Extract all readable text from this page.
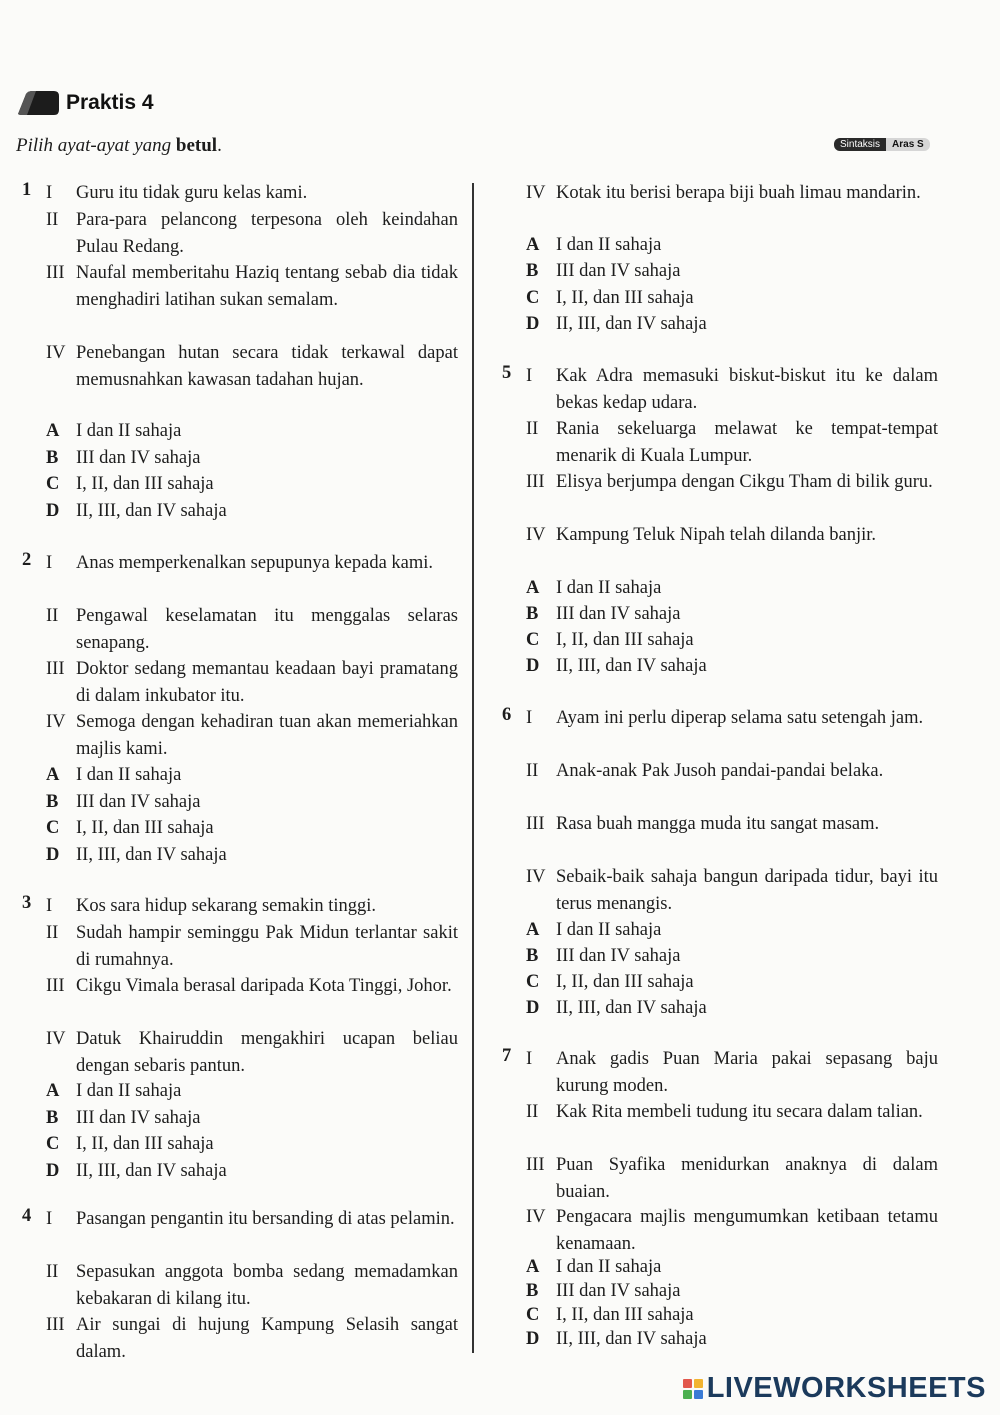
Praktis 4
Pilih ayat-ayat yang betul.	Sintaksis	Aras S
1 I	Guru itu tidak guru kelas kami.
II Para-para pelancong terpesona oleh keindahan Pulau Redang.
III Naufal memberitahu Haziq tentang sebab dia tidak menghadiri latihan sukan semalam.
IV Penebangan hutan secara tidak terkawal dapat memusnahkan kawasan tadahan hujan.
A I dan II sahaja
B III dan IV sahaja
C I, II, dan III sahaja
D II, III, dan IV sahaja
2 I	Anas memperkenalkan sepupunya kepada kami.
II Pengawal keselamatan itu menggalas selaras senapang.
III Doktor sedang memantau keadaan bayi pramatang di dalam inkubator itu.
IV Semoga dengan kehadiran tuan akan memeriahkan majlis kami.
A I dan II sahaja
B III dan IV sahaja
C I, II, dan III sahaja
D II, III, dan IV sahaja
3 I	Kos sara hidup sekarang semakin tinggi.
II Sudah hampir seminggu Pak Midun terlantar sakit di rumahnya.
III Cikgu Vimala berasal daripada Kota Tinggi, Johor.
IV Datuk Khairuddin mengakhiri ucapan beliau dengan sebaris pantun.
A I dan II sahaja
B III dan IV sahaja
C I, II, dan III sahaja
D II, III, dan IV sahaja
4 I	Pasangan pengantin itu bersanding di atas pelamin.
II Sepasukan anggota bomba sedang memadamkan kebakaran di kilang itu.
III Air sungai di hujung Kampung Selasih sangat dalam.
IV Kotak itu berisi berapa biji buah limau mandarin.
A I dan II sahaja
B III dan IV sahaja
C I, II, dan III sahaja
D II, III, dan IV sahaja
5 I	Kak Adra memasuki biskut-biskut itu ke dalam bekas kedap udara.
II Rania sekeluarga melawat ke tempat-tempat menarik di Kuala Lumpur.
III Elisya berjumpa dengan Cikgu Tham di bilik guru.
IV Kampung Teluk Nipah telah dilanda banjir.
A I dan II sahaja
B III dan IV sahaja
C I, II, dan III sahaja
D II, III, dan IV sahaja
6 I	Ayam ini perlu diperap selama satu setengah jam.
II Anak-anak Pak Jusoh pandai-pandai belaka.
III Rasa buah mangga muda itu sangat masam.
IV Sebaik-baik sahaja bangun daripada tidur, bayi itu terus menangis.
A I dan II sahaja
B III dan IV sahaja
C I, II, dan III sahaja
D II, III, dan IV sahaja
7 I	Anak gadis Puan Maria pakai sepasang baju kurung moden.
II Kak Rita membeli tudung itu secara dalam talian.
III Puan Syafika menidurkan anaknya di dalam buaian.
IV Pengacara majlis mengumumkan ketibaan tetamu kenamaan.
A I dan II sahaja
B III dan IV sahaja
C I, II, dan III sahaja
D II, III, dan IV sahaja
LIVEWORKSHEETS
